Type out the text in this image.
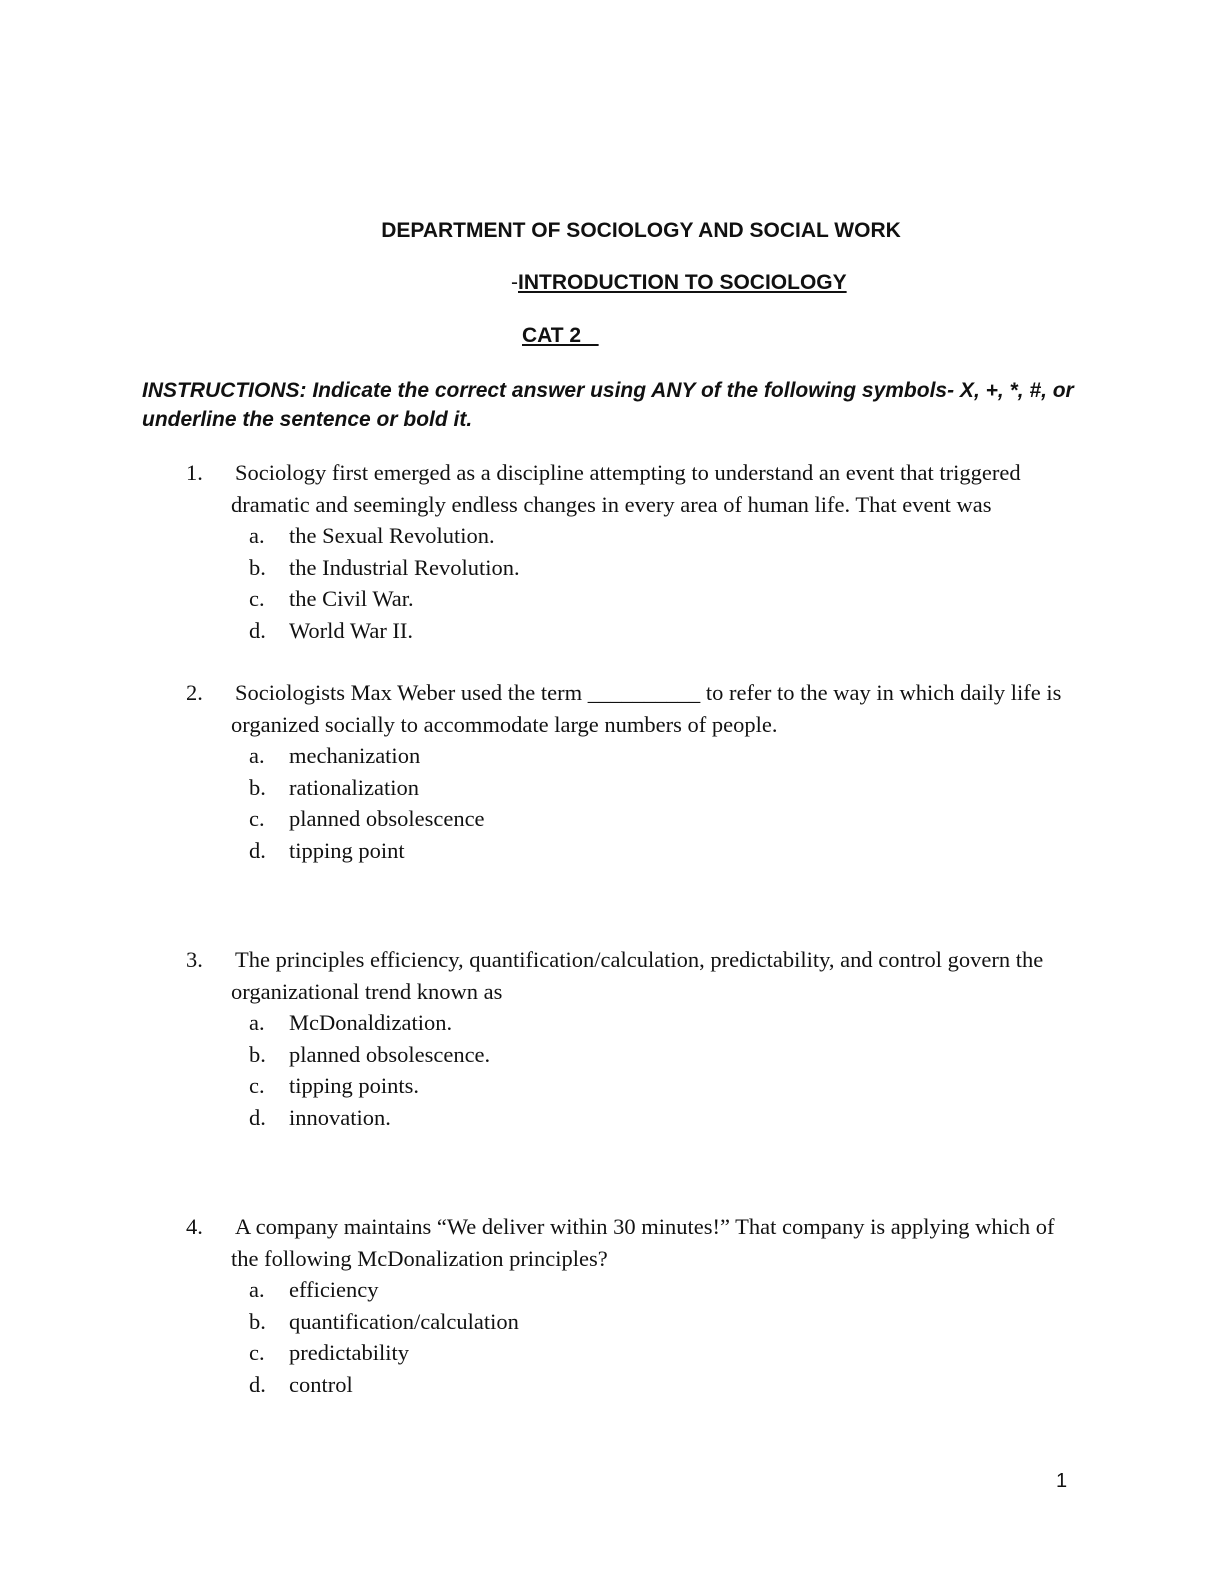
DEPARTMENT OF SOCIOLOGY AND SOCIAL WORK
-INTRODUCTION TO SOCIOLOGY
CAT 2
INSTRUCTIONS: Indicate the correct answer using ANY of the following symbols- X, +, *, #, or underline the sentence or bold it.
1. Sociology first emerged as a discipline attempting to understand an event that triggered dramatic and seemingly endless changes in every area of human life. That event was
a. the Sexual Revolution.
b. the Industrial Revolution.
c. the Civil War.
d. World War II.
2. Sociologists Max Weber used the term __________ to refer to the way in which daily life is organized socially to accommodate large numbers of people.
a. mechanization
b. rationalization
c. planned obsolescence
d. tipping point
3. The principles efficiency, quantification/calculation, predictability, and control govern the organizational trend known as
a. McDonaldization.
b. planned obsolescence.
c. tipping points.
d. innovation.
4. A company maintains “We deliver within 30 minutes!” That company is applying which of the following McDonalization principles?
a. efficiency
b. quantification/calculation
c. predictability
d. control
1
